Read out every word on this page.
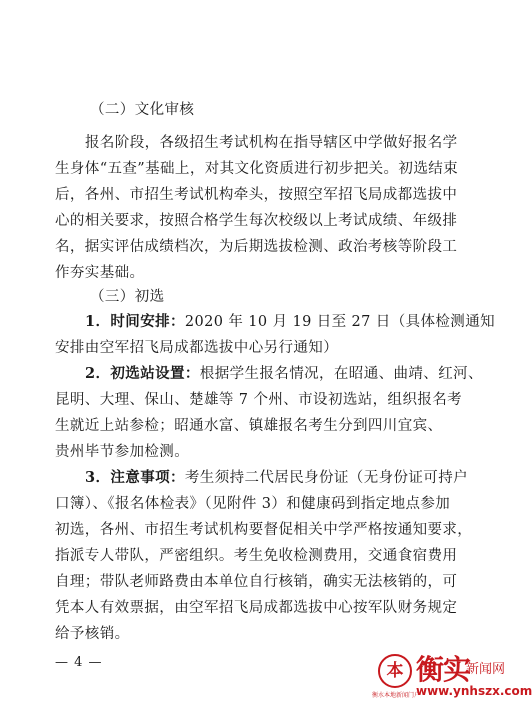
（二）文化审核
报名阶段，各级招生考试机构在指导辖区中学做好报名学
生身体“五查”基础上，对其文化资质进行初步把关。初选结束
后，各州、市招生考试机构牵头，按照空军招飞局成都选拔中
心的相关要求，按照合格学生每次校级以上考试成绩、年级排
名，据实评估成绩档次，为后期选拔检测、政治考核等阶段工
作夯实基础。
（三）初选
1．时间安排：2020 年 10 月 19 日至 27 日（具体检测通知
安排由空军招飞局成都选拔中心另行通知）
2．初选站设置：根据学生报名情况，在昭通、曲靖、红河、
昆明、大理、保山、楚雄等 7 个州、市设初选站，组织报名考
生就近上站参检；昭通水富、镇雄报名考生分到四川宜宾、
贵州毕节参加检测。
3．注意事项：考生须持二代居民身份证（无身份证可持户
口簿）、《报名体检表》（见附件 3）和健康码到指定地点参加
初选，各州、市招生考试机构要督促相关中学严格按通知要求，
指派专人带队，严密组织。考生免收检测费用，交通食宿费用
自理；带队老师路费由本单位自行核销，确实无法核销的，可
凭本人有效票据，由空军招飞局成都选拔中心按军队财务规定
给予核销。
— 4 —	本
衡水本地新闻门户
衡实
新闻网
www.ynhszx.com
